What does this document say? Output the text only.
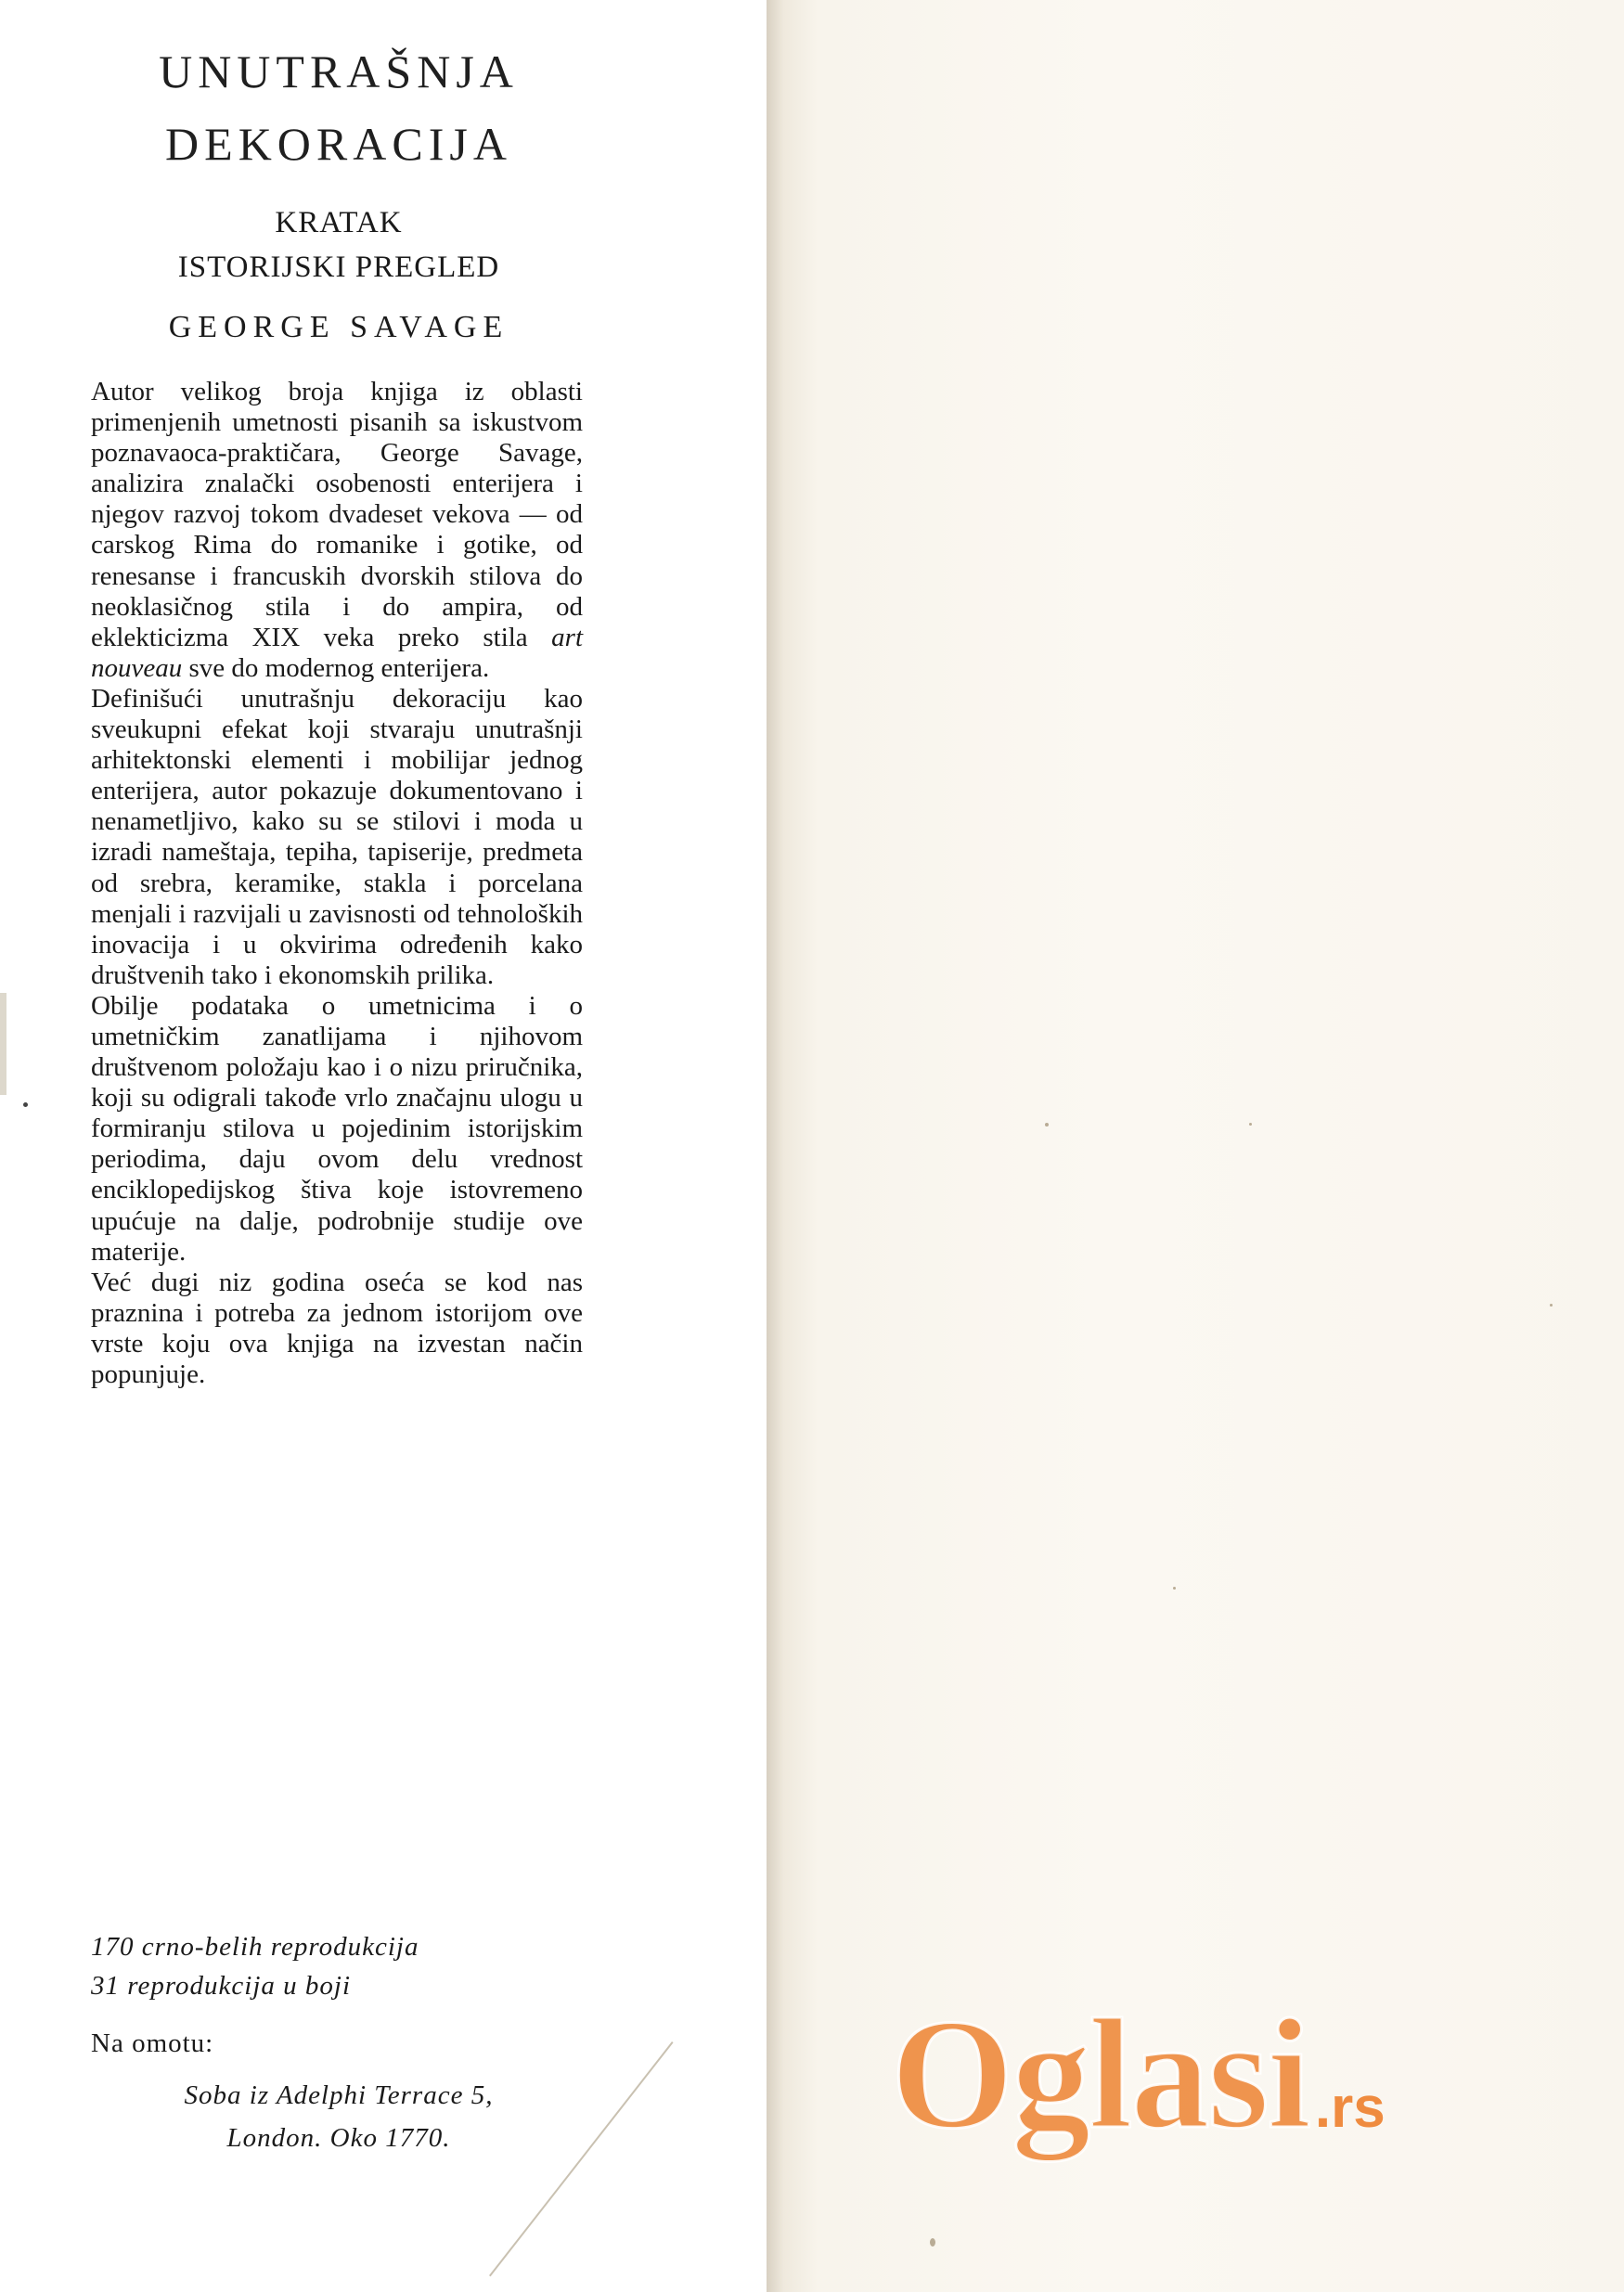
UNUTRAŠNJA
DEKORACIJA
KRATAK
ISTORIJSKI PREGLED
GEORGE SAVAGE

Autor velikog broja knjiga iz oblasti primenjenih umetnosti pisanih sa iskustvom poznavaoca-praktičara, George Savage, analizira znalački osobenosti enterijera i njegov razvoj tokom dvadeset vekova — od carskog Rima do romanike i gotike, od renesanse i francuskih dvorskih stilova do neoklasičnog stila i do ampira, od eklekticizma XIX veka preko stila art nouveau sve do modernog enterijera.

Definišući unutrašnju dekoraciju kao sveukupni efekat koji stvaraju unutrašnji arhitektonski elementi i mobilijar jednog enterijera, autor pokazuje dokumentovano i nenametljivo, kako su se stilovi i moda u izradi nameštaja, tepiha, tapiserije, predmeta od srebra, keramike, stakla i porcelana menjali i razvijali u zavisnosti od tehnoloških inovacija i u okvirima određenih kako društvenih tako i ekonomskih prilika.

Obilje podataka o umetnicima i o umetničkim zanatlijama i njihovom društvenom položaju kao i o nizu priručnika, koji su odigrali takođe vrlo značajnu ulogu u formiranju stilova u pojedinim istorijskim periodima, daju ovom delu vrednost enciklopedijskog štiva koje istovremeno upućuje na dalje, podrobnije studije ove materije.

Već dugi niz godina oseća se kod nas praznina i potreba za jednom istorijom ove vrste koju ova knjiga na izvestan način popunjuje.

170 crno-belih reprodukcija
31 reprodukcija u boji
Na omotu:
Soba iz Adelphi Terrace 5,
London. Oko 1770.	Oglasi.rs
